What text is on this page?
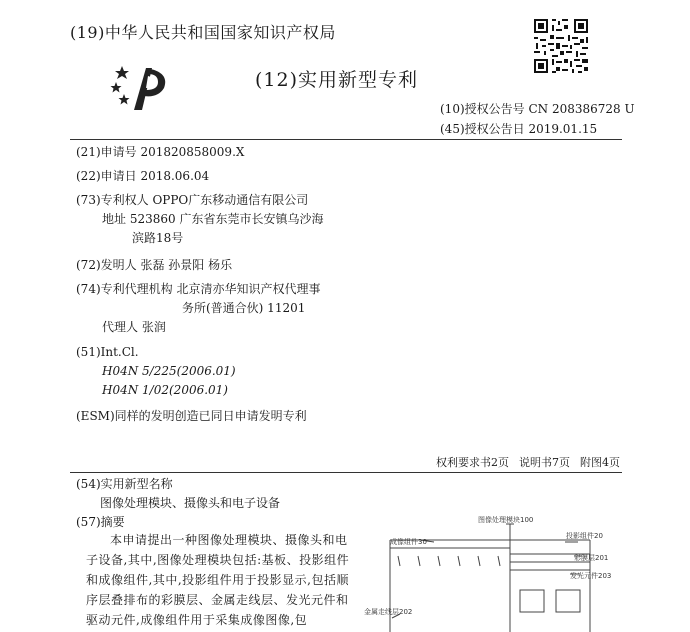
(19)中华人民共和国国家知识产权局
(12)实用新型专利
(10)授权公告号 CN 208386728 U
(45)授权公告日 2019.01.15
(21)申请号 201820858009.X
(22)申请日 2018.06.04
(73)专利权人 OPPO广东移动通信有限公司
地址 523860 广东省东莞市长安镇乌沙海
滨路18号
(72)发明人 张磊 孙景阳 杨乐
(74)专利代理机构 北京清亦华知识产权代理事
务所(普通合伙) 11201
代理人 张润
(51)Int.Cl.
H04N 5/225(2006.01)
H04N 1/02(2006.01)
(ESM)同样的发明创造已同日申请发明专利
权利要求书2页 说明书7页 附图4页
(54)实用新型名称
图像处理模块、摄像头和电子设备
(57)摘要
本申请提出一种图像处理模块、摄像头和电子设备,其中,图像处理模块包括:基板、投影组件和成像组件,其中,投影组件用于投影显示,包括顺序层叠排布的彩膜层、金属走线层、发光元件和驱动元件,成像组件用于采集成像图像,包
图像处理模块100
成像组件30
投影组件20
彩膜层201
发光元件203
金属走线层202
